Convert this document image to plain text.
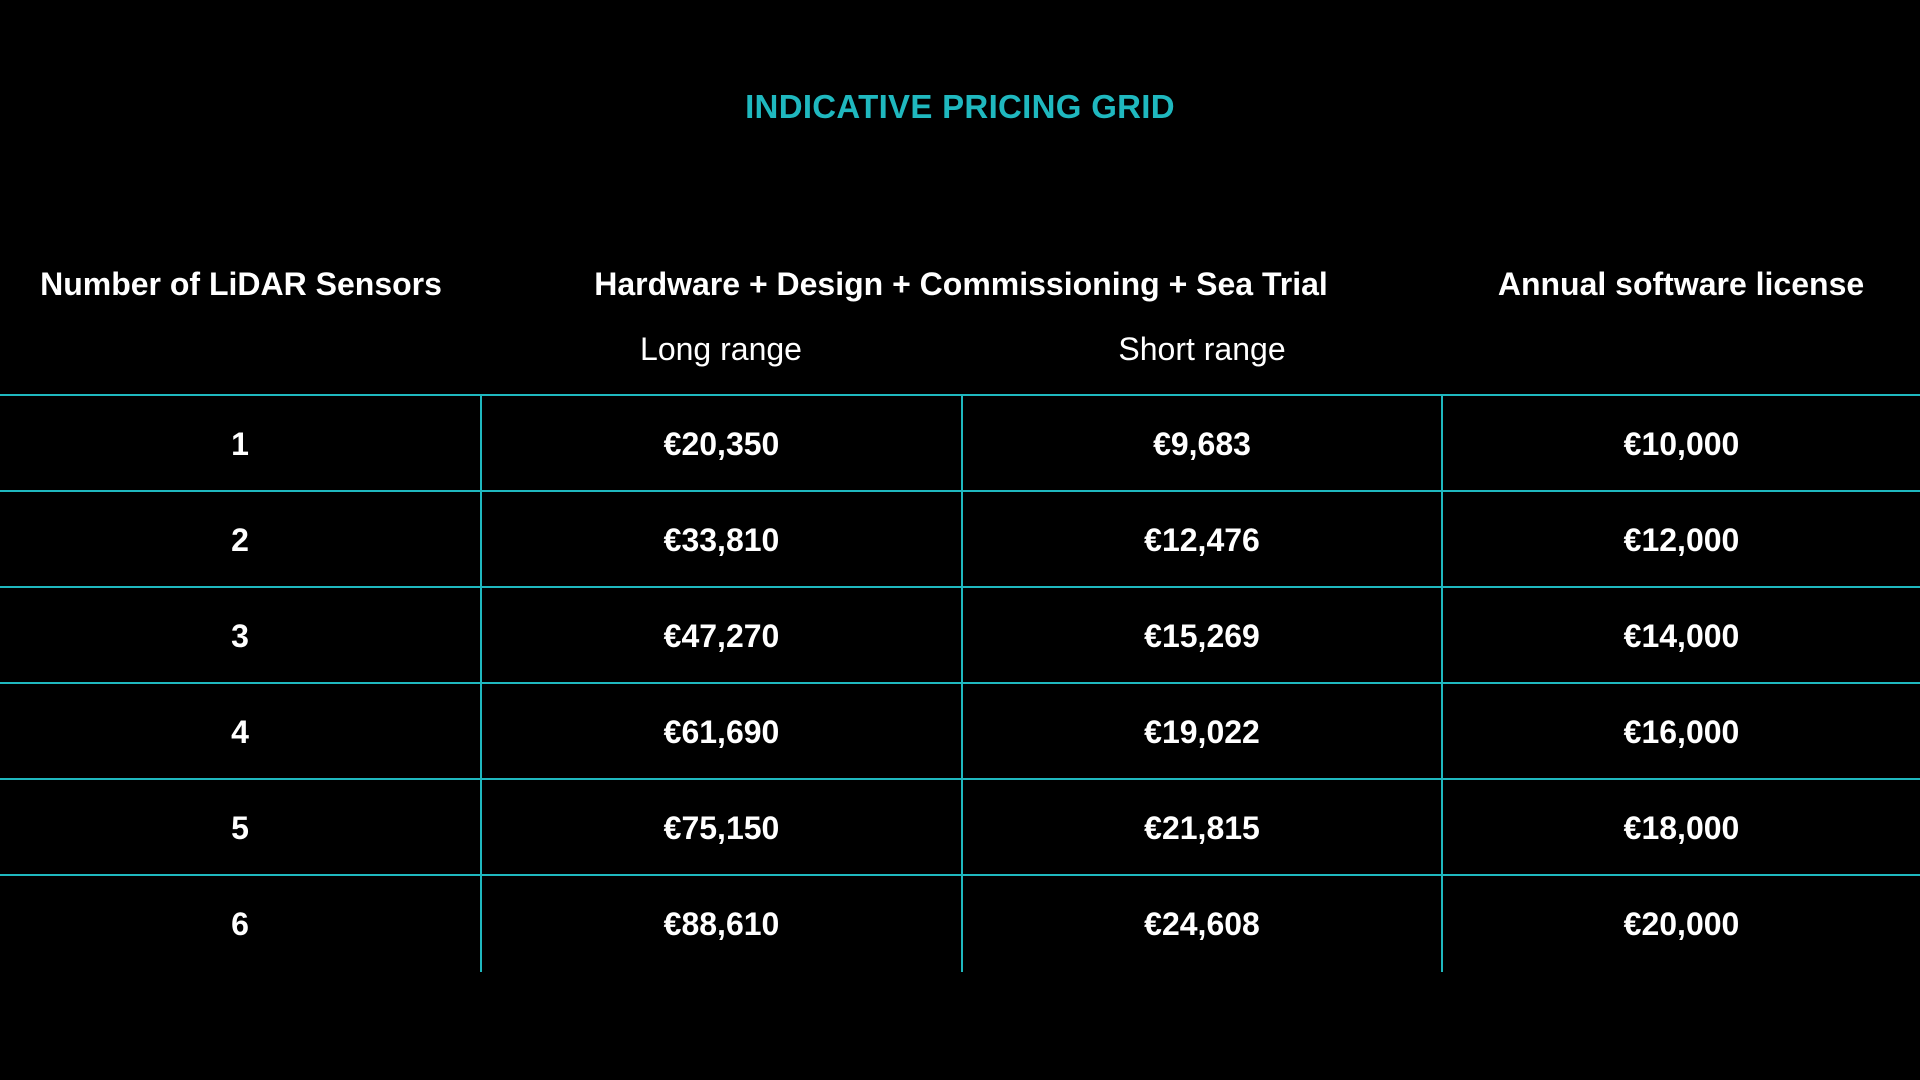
INDICATIVE PRICING GRID
Number of LiDAR Sensors	Hardware + Design + Commissioning + Sea Trial	Annual software license
Long range	Short range
1	€20,350	€9,683	€10,000
2	€33,810	€12,476	€12,000
3	€47,270	€15,269	€14,000
4	€61,690	€19,022	€16,000
5	€75,150	€21,815	€18,000
6	€88,610	€24,608	€20,000
